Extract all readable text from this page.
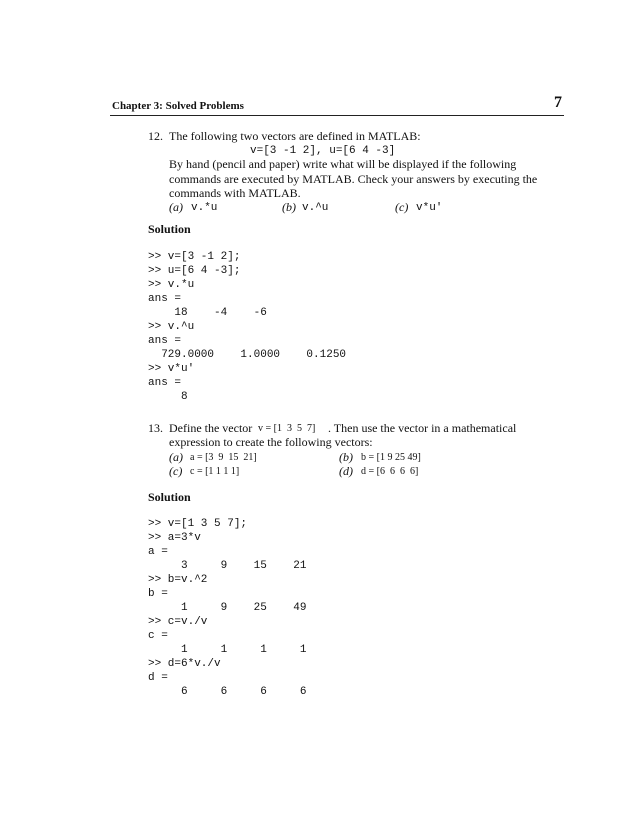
Chapter 3: Solved Problems	7
12. The following two vectors are defined in MATLAB:
v=[3 -1 2], u=[6 4 -3]
By hand (pencil and paper) write what will be displayed if the following
commands are executed by MATLAB. Check your answers by executing the
commands with MATLAB.
(a) v.*u	(b) v.^u	(c) v*u'
Solution
>> v=[3 -1 2];
>> u=[6 4 -3];
>> v.*u
ans =
18    -4    -6
>> v.^u
ans =
729.0000    1.0000    0.1250
>> v*u'
ans =
8
13. Define the vector v = [1  3  5  7] . Then use the vector in a mathematical
expression to create the following vectors:
(a) a = [3  9  15  21]	(b) b = [1 9 25 49]
(c) c = [1 1 1 1]	(d) d = [6  6  6  6]
Solution
>> v=[1 3 5 7];
>> a=3*v
a =
3     9    15    21
>> b=v.^2
b =
1     9    25    49
>> c=v./v
c =
1     1     1     1
>> d=6*v./v
d =
6     6     6     6
